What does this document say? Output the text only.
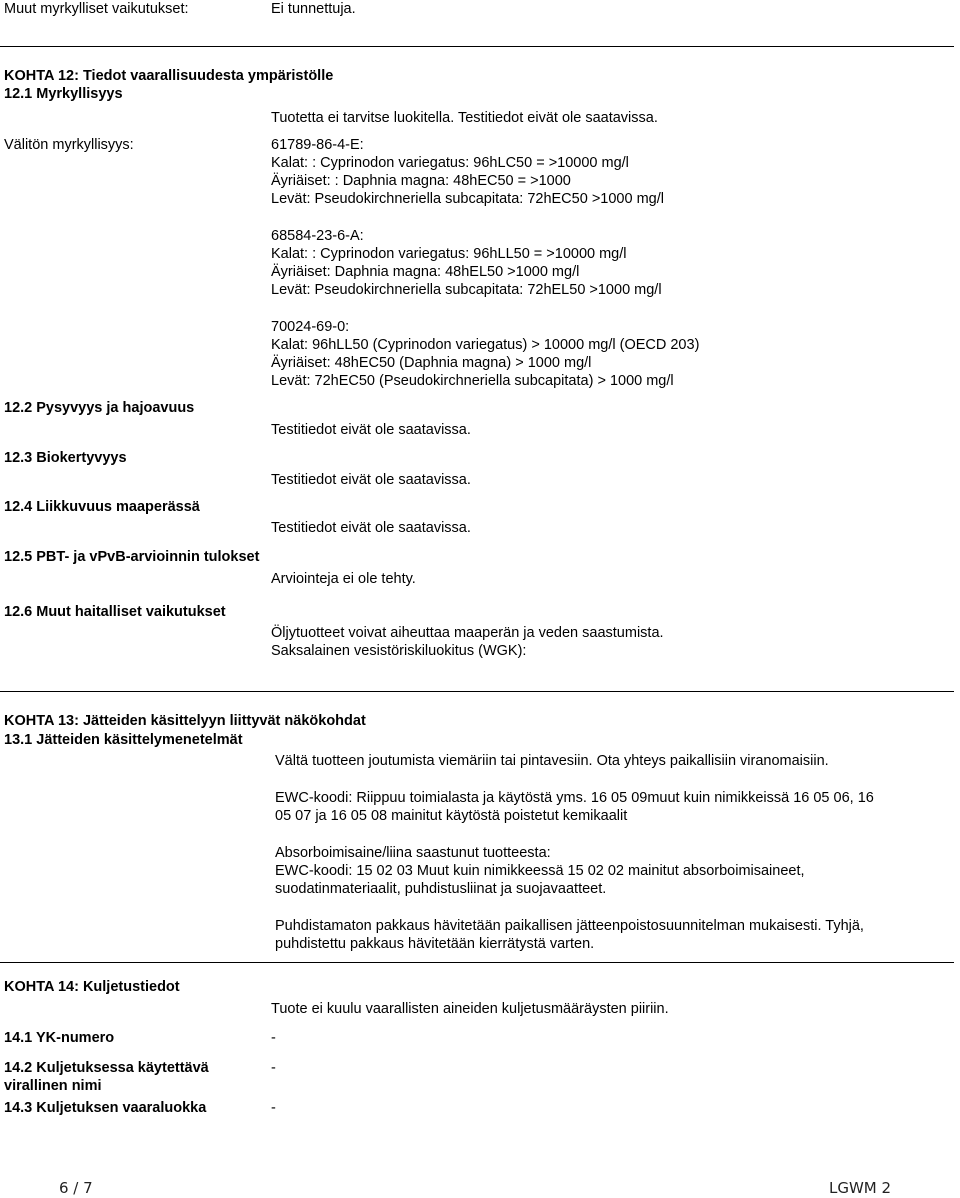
Muut myrkylliset vaikutukset:	Ei tunnettuja.
KOHTA 12: Tiedot vaarallisuudesta ympäristölle
12.1 Myrkyllisyys
Tuotetta ei tarvitse luokitella. Testitiedot eivät ole saatavissa.
Välitön myrkyllisyys:	61789-86-4-E:
Kalat: : Cyprinodon variegatus: 96hLC50 = >10000 mg/l
Äyriäiset: : Daphnia magna: 48hEC50 = >1000
Levät: Pseudokirchneriella subcapitata: 72hEC50 >1000 mg/l
68584-23-6-A:
Kalat: : Cyprinodon variegatus: 96hLL50 = >10000 mg/l
Äyriäiset: Daphnia magna: 48hEL50 >1000 mg/l
Levät: Pseudokirchneriella subcapitata: 72hEL50 >1000 mg/l
70024-69-0:
Kalat: 96hLL50 (Cyprinodon variegatus) > 10000 mg/l (OECD 203)
Äyriäiset: 48hEC50 (Daphnia magna) > 1000 mg/l
Levät: 72hEC50 (Pseudokirchneriella subcapitata) > 1000 mg/l
12.2 Pysyvyys ja hajoavuus
Testitiedot eivät ole saatavissa.
12.3 Biokertyvyys
Testitiedot eivät ole saatavissa.
12.4 Liikkuvuus maaperässä
Testitiedot eivät ole saatavissa.
12.5 PBT- ja vPvB-arvioinnin tulokset
Arviointeja ei ole tehty.
12.6 Muut haitalliset vaikutukset
Öljytuotteet voivat aiheuttaa maaperän ja veden saastumista.
Saksalainen vesistöriskiluokitus (WGK):
KOHTA 13: Jätteiden käsittelyyn liittyvät näkökohdat
13.1 Jätteiden käsittelymenetelmät
Vältä tuotteen joutumista viemäriin tai pintavesiin. Ota yhteys paikallisiin viranomaisiin.
EWC-koodi: Riippuu toimialasta ja käytöstä yms. 16 05 09muut kuin nimikkeissä 16 05 06, 16
05 07 ja 16 05 08 mainitut käytöstä poistetut kemikaalit
Absorboimisaine/liina saastunut tuotteesta:
EWC-koodi: 15 02 03 Muut kuin nimikkeessä 15 02 02 mainitut absorboimisaineet,
suodatinmateriaalit, puhdistusliinat ja suojavaatteet.
Puhdistamaton pakkaus hävitetään paikallisen jätteenpoistosuunnitelman mukaisesti. Tyhjä,
puhdistettu pakkaus hävitetään kierrätystä varten.
KOHTA 14: Kuljetustiedot
Tuote ei kuulu vaarallisten aineiden kuljetusmääräysten piiriin.
14.1 YK-numero	-
14.2 Kuljetuksessa käytettävä
virallinen nimi
-
14.3 Kuljetuksen vaaraluokka	-
6 / 7	LGWM 2
